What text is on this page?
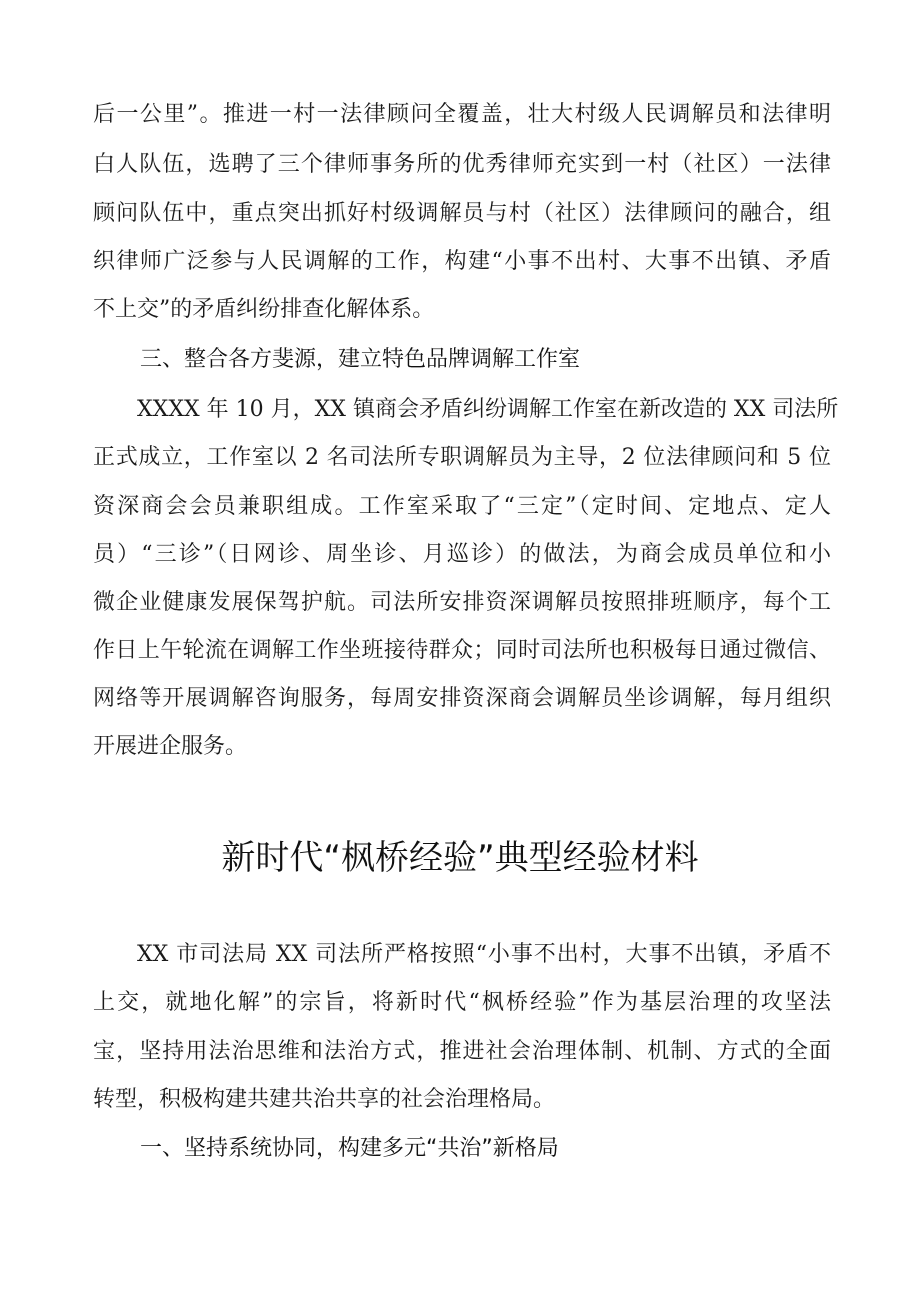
后一公里”。推进一村一法律顾问全覆盖，壮大村级人民调解员和法律明
白人队伍，选聘了三个律师事务所的优秀律师充实到一村（社区）一法律
顾问队伍中，重点突出抓好村级调解员与村（社区）法律顾问的融合，组
织律师广泛参与人民调解的工作，构建“小事不出村、大事不出镇、矛盾
不上交”的矛盾纠纷排查化解体系。
三、整合各方斐源，建立特色品牌调解工作室
XXXX 年 10 月，XX 镇商会矛盾纠纷调解工作室在新改造的 XX 司法所
正式成立，工作室以 2 名司法所专职调解员为主导，2 位法律顾问和 5 位
资深商会会员兼职组成。工作室采取了“三定”（定时间、定地点、定人
员）“三诊”（日网诊、周坐诊、月巡诊）的做法，为商会成员单位和小
微企业健康发展保驾护航。司法所安排资深调解员按照排班顺序，每个工
作日上午轮流在调解工作坐班接待群众；同时司法所也积极每日通过微信、
网络等开展调解咨询服务，每周安排资深商会调解员坐诊调解，每月组织
开展进企服务。
新时代“枫桥经验”典型经验材料
XX 市司法局 XX 司法所严格按照“小事不出村，大事不出镇，矛盾不
上交，就地化解”的宗旨，将新时代“枫桥经验”作为基层治理的攻坚法
宝，坚持用法治思维和法治方式，推进社会治理体制、机制、方式的全面
转型，积极构建共建共治共享的社会治理格局。
一、坚持系统协同，构建多元“共治”新格局
